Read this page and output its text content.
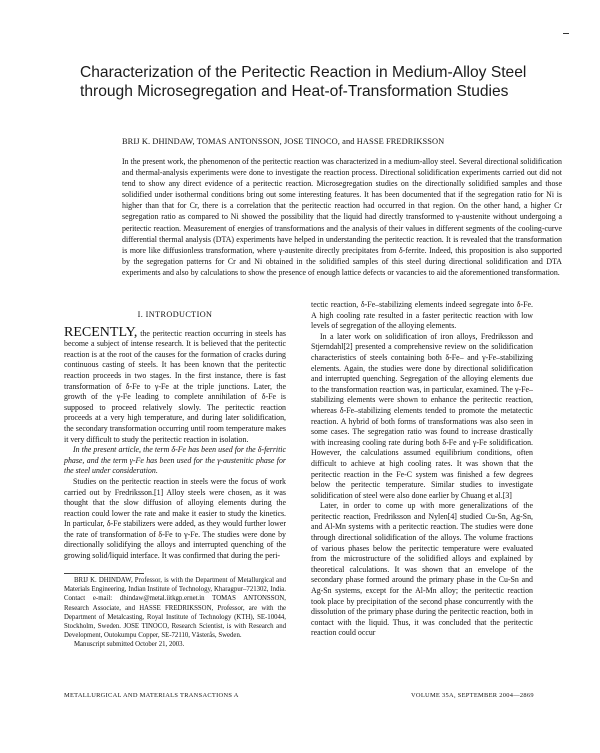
Characterization of the Peritectic Reaction in Medium-Alloy Steel through Microsegregation and Heat-of-Transformation Studies
BRIJ K. DHINDAW, TOMAS ANTONSSON, JOSE TINOCO, and HASSE FREDRIKSSON
In the present work, the phenomenon of the peritectic reaction was characterized in a medium-alloy steel. Several directional solidification and thermal-analysis experiments were done to investigate the reaction process. Directional solidification experiments carried out did not tend to show any direct evidence of a peritectic reaction. Microsegregation studies on the directionally solidified samples and those solidified under isothermal conditions bring out some interesting features. It has been documented that if the segregation ratio for Ni is higher than that for Cr, there is a correlation that the peritectic reaction had occurred in that region. On the other hand, a higher Cr segregation ratio as compared to Ni showed the possibility that the liquid had directly transformed to γ-austenite without undergoing a peritectic reaction. Measurement of energies of transformations and the analysis of their values in different segments of the cooling-curve differential thermal analysis (DTA) experiments have helped in understanding the peritectic reaction. It is revealed that the transformation is more like diffusionless transformation, where γ-austenite directly precipitates from δ-ferrite. Indeed, this proposition is also supported by the segregation patterns for Cr and Ni obtained in the solidified samples of this steel during directional solidification and DTA experiments and also by calculations to show the presence of enough lattice defects or vacancies to aid the aforementioned transformation.
I. INTRODUCTION

RECENTLY, the peritectic reaction occurring in steels has become a subject of intense research. It is believed that the peritectic reaction is at the root of the causes for the formation of cracks during continuous casting of steels. It has been known that the peritectic reaction proceeds in two stages. In the first instance, there is fast transformation of δ-Fe to γ-Fe at the triple junctions. Later, the growth of the γ-Fe leading to complete annihilation of δ-Fe is supposed to proceed relatively slowly. The peritectic reaction proceeds at a very high temperature, and during later solidification, the secondary transformation occurring until room temperature makes it very difficult to study the peritectic reaction in isolation.

In the present article, the term δ-Fe has been used for the δ-ferritic phase, and the term γ-Fe has been used for the γ-austenitic phase for the steel under consideration.

Studies on the peritectic reaction in steels were the focus of work carried out by Fredriksson.[1] Alloy steels were chosen, as it was thought that the slow diffusion of alloying elements during the reaction could lower the rate and make it easier to study the kinetics. In particular, δ-Fe stabilizers were added, as they would further lower the rate of transformation of δ-Fe to γ-Fe. The studies were done by directionally solidifying the alloys and interrupted quenching of the growing solid/liquid interface. It was confirmed that during the peri-

BRIJ K. DHINDAW, Professor, is with the Department of Metallurgical and Materials Engineering, Indian Institute of Technology, Kharagpur–721302, India. Contact e-mail: dhindaw@metal.iitkgp.ernet.in TOMAS ANTONSSON, Research Associate, and HASSE FREDRIKSSON, Professor, are with the Department of Metalcasting, Royal Institute of Technology (KTH), SE-10044, Stockholm, Sweden. JOSE TINOCO, Research Scientist, is with Research and Development, Outokumpu Copper, SE-72110, Västerås, Sweden.

Manuscript submitted October 21, 2003.

tectic reaction, δ-Fe–stabilizing elements indeed segregate into δ-Fe. A high cooling rate resulted in a faster peritectic reaction with low levels of segregation of the alloying elements.

In a later work on solidification of iron alloys, Fredriksson and Stjerndahl[2] presented a comprehensive review on the solidification characteristics of steels containing both δ-Fe– and γ-Fe–stabilizing elements. Again, the studies were done by directional solidification and interrupted quenching. Segregation of the alloying elements due to the transformation reaction was, in particular, examined. The γ-Fe–stabilizing elements were shown to enhance the peritectic reaction, whereas δ-Fe–stabilizing elements tended to promote the metatectic reaction. A hybrid of both forms of transformations was also seen in some cases. The segregation ratio was found to increase drastically with increasing cooling rate during both δ-Fe and γ-Fe solidification. However, the calculations assumed equilibrium conditions, often difficult to achieve at high cooling rates. It was shown that the peritectic reaction in the Fe-C system was finished a few degrees below the peritectic temperature. Similar studies to investigate solidification of steel were also done earlier by Chuang et al.[3]

Later, in order to come up with more generalizations of the peritectic reaction, Fredriksson and Nylen[4] studied Cu-Sn, Ag-Sn, and Al-Mn systems with a peritectic reaction. The studies were done through directional solidification of the alloys. The volume fractions of various phases below the peritectic temperature were evaluated from the microstructure of the solidified alloys and explained by theoretical calculations. It was shown that an envelope of the secondary phase formed around the primary phase in the Cu-Sn and Ag-Sn systems, except for the Al-Mn alloy; the peritectic reaction took place by precipitation of the second phase concurrently with the dissolution of the primary phase during the peritectic reaction, both in contact with the liquid. Thus, it was concluded that the peritectic reaction could occur

METALLURGICAL AND MATERIALS TRANSACTIONS A	VOLUME 35A, SEPTEMBER 2004—2869
